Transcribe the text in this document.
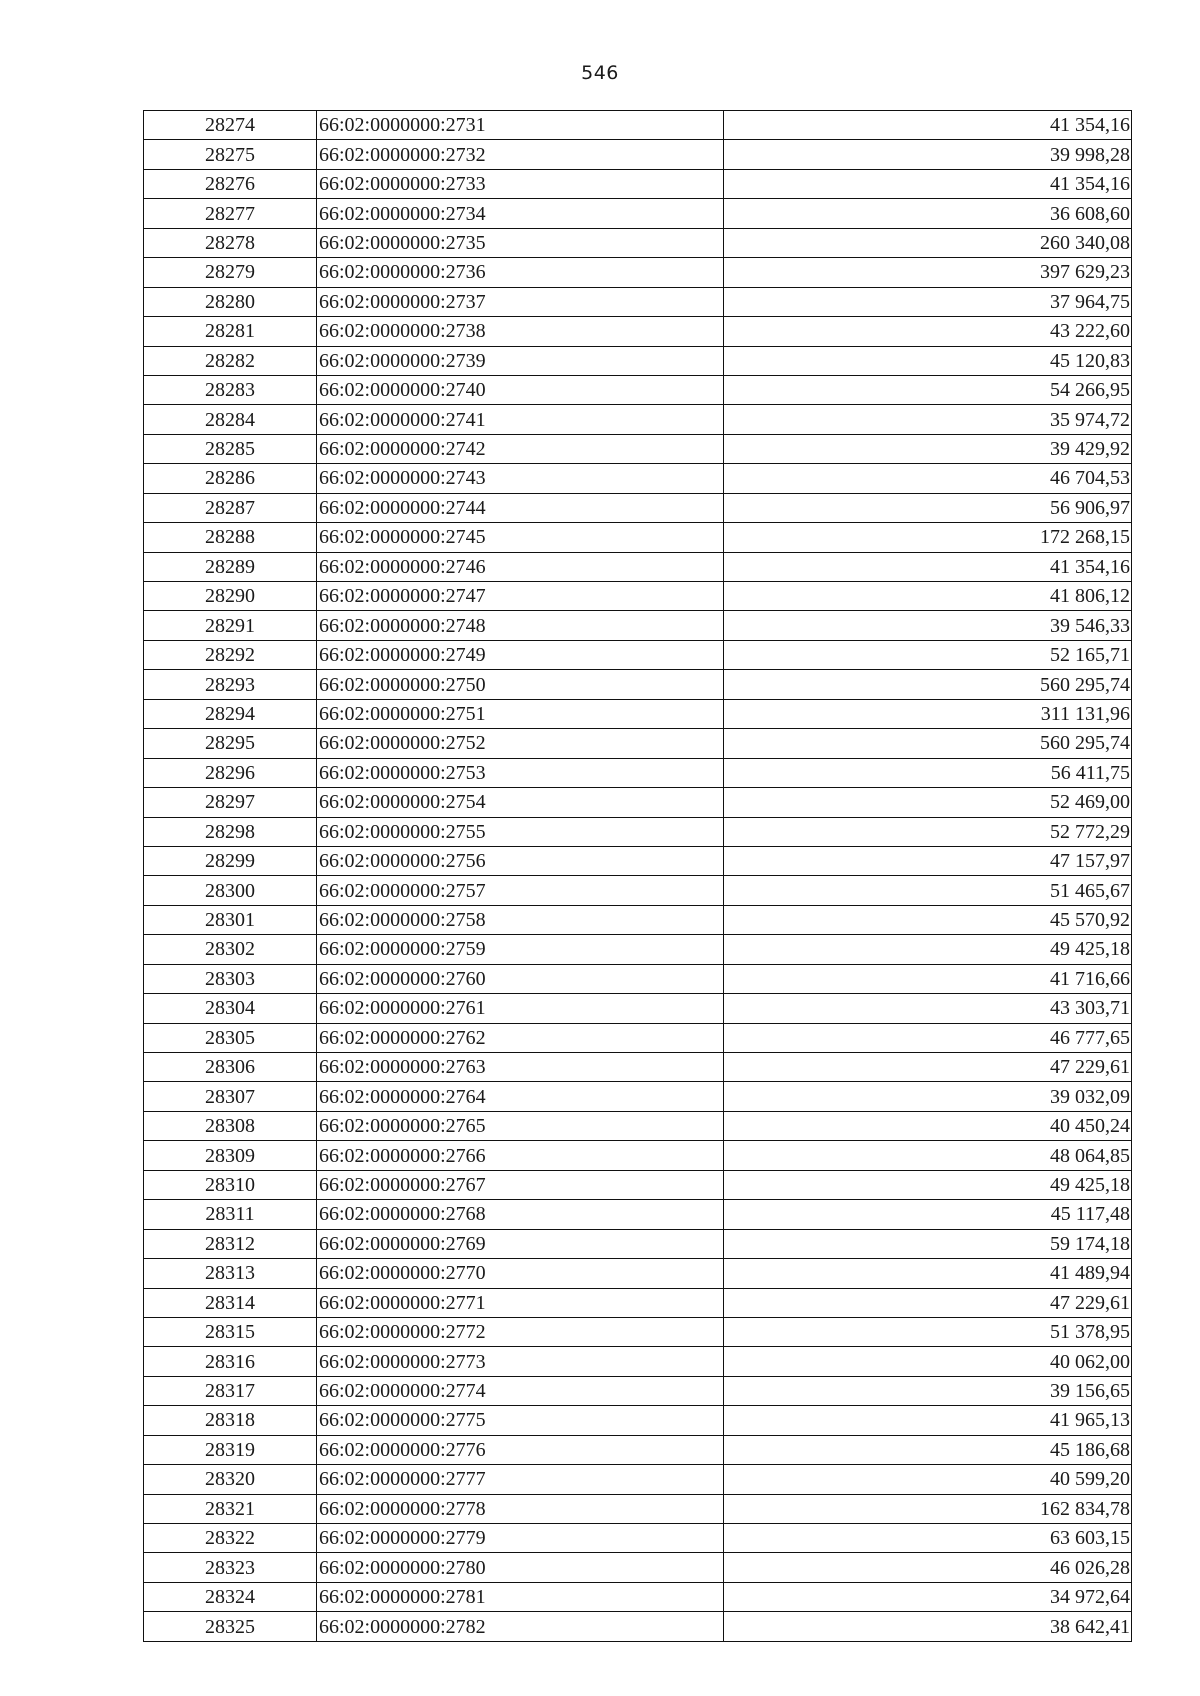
546
28274	66:02:0000000:2731	41 354,16
28275	66:02:0000000:2732	39 998,28
28276	66:02:0000000:2733	41 354,16
28277	66:02:0000000:2734	36 608,60
28278	66:02:0000000:2735	260 340,08
28279	66:02:0000000:2736	397 629,23
28280	66:02:0000000:2737	37 964,75
28281	66:02:0000000:2738	43 222,60
28282	66:02:0000000:2739	45 120,83
28283	66:02:0000000:2740	54 266,95
28284	66:02:0000000:2741	35 974,72
28285	66:02:0000000:2742	39 429,92
28286	66:02:0000000:2743	46 704,53
28287	66:02:0000000:2744	56 906,97
28288	66:02:0000000:2745	172 268,15
28289	66:02:0000000:2746	41 354,16
28290	66:02:0000000:2747	41 806,12
28291	66:02:0000000:2748	39 546,33
28292	66:02:0000000:2749	52 165,71
28293	66:02:0000000:2750	560 295,74
28294	66:02:0000000:2751	311 131,96
28295	66:02:0000000:2752	560 295,74
28296	66:02:0000000:2753	56 411,75
28297	66:02:0000000:2754	52 469,00
28298	66:02:0000000:2755	52 772,29
28299	66:02:0000000:2756	47 157,97
28300	66:02:0000000:2757	51 465,67
28301	66:02:0000000:2758	45 570,92
28302	66:02:0000000:2759	49 425,18
28303	66:02:0000000:2760	41 716,66
28304	66:02:0000000:2761	43 303,71
28305	66:02:0000000:2762	46 777,65
28306	66:02:0000000:2763	47 229,61
28307	66:02:0000000:2764	39 032,09
28308	66:02:0000000:2765	40 450,24
28309	66:02:0000000:2766	48 064,85
28310	66:02:0000000:2767	49 425,18
28311	66:02:0000000:2768	45 117,48
28312	66:02:0000000:2769	59 174,18
28313	66:02:0000000:2770	41 489,94
28314	66:02:0000000:2771	47 229,61
28315	66:02:0000000:2772	51 378,95
28316	66:02:0000000:2773	40 062,00
28317	66:02:0000000:2774	39 156,65
28318	66:02:0000000:2775	41 965,13
28319	66:02:0000000:2776	45 186,68
28320	66:02:0000000:2777	40 599,20
28321	66:02:0000000:2778	162 834,78
28322	66:02:0000000:2779	63 603,15
28323	66:02:0000000:2780	46 026,28
28324	66:02:0000000:2781	34 972,64
28325	66:02:0000000:2782	38 642,41
